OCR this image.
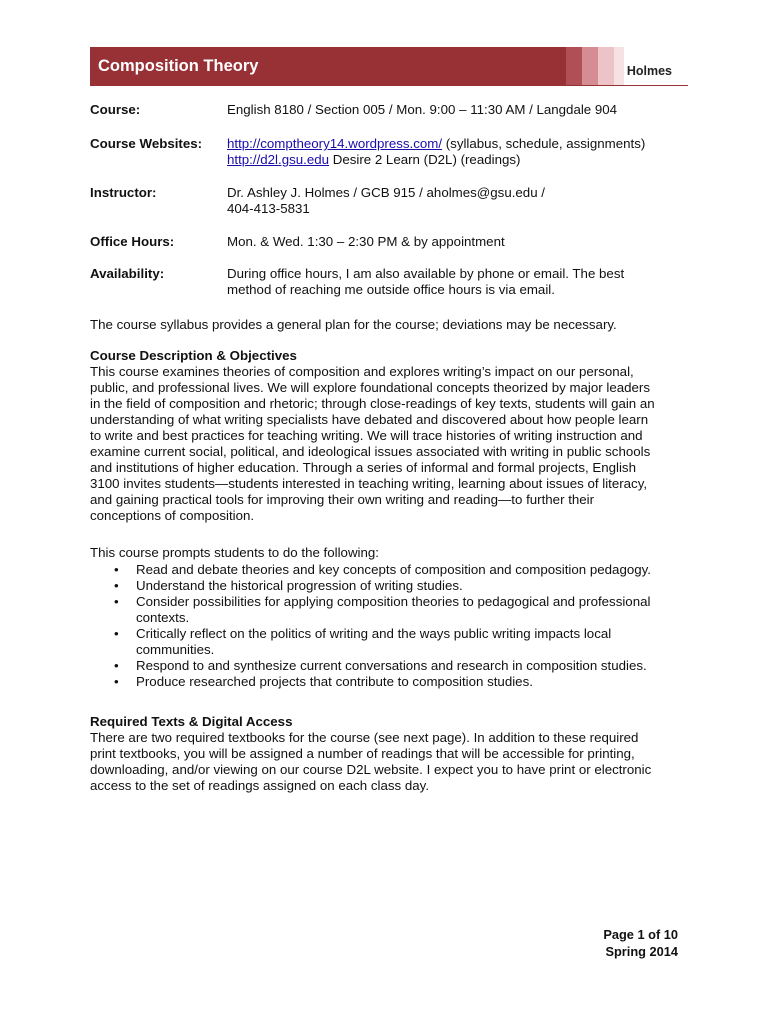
Composition Theory	Holmes
Course:	English 8180 / Section 005 / Mon. 9:00 – 11:30 AM / Langdale 904
Course Websites: http://comptheory14.wordpress.com/ (syllabus, schedule, assignments)
http://d2l.gsu.edu Desire 2 Learn (D2L) (readings)
Instructor:	Dr. Ashley J. Holmes / GCB 915 / aholmes@gsu.edu /
404-413-5831
Office Hours:	Mon. & Wed. 1:30 – 2:30 PM & by appointment
Availability:	During office hours, I am also available by phone or email. The best
method of reaching me outside office hours is via email.
The course syllabus provides a general plan for the course; deviations may be necessary.
Course Description & Objectives
This course examines theories of composition and explores writing’s impact on our personal,
public, and professional lives. We will explore foundational concepts theorized by major leaders
in the field of composition and rhetoric; through close-readings of key texts, students will gain an
understanding of what writing specialists have debated and discovered about how people learn
to write and best practices for teaching writing. We will trace histories of writing instruction and
examine current social, political, and ideological issues associated with writing in public schools
and institutions of higher education. Through a series of informal and formal projects, English
3100 invites students—students interested in teaching writing, learning about issues of literacy,
and gaining practical tools for improving their own writing and reading—to further their
conceptions of composition.
This course prompts students to do the following:
• Read and debate theories and key concepts of composition and composition pedagogy.
• Understand the historical progression of writing studies.
• Consider possibilities for applying composition theories to pedagogical and professional
contexts.
• Critically reflect on the politics of writing and the ways public writing impacts local
communities.
• Respond to and synthesize current conversations and research in composition studies.
• Produce researched projects that contribute to composition studies.
Required Texts & Digital Access
There are two required textbooks for the course (see next page). In addition to these required
print textbooks, you will be assigned a number of readings that will be accessible for printing,
downloading, and/or viewing on our course D2L website. I expect you to have print or electronic
access to the set of readings assigned on each class day.
Page 1 of 10
Spring 2014
